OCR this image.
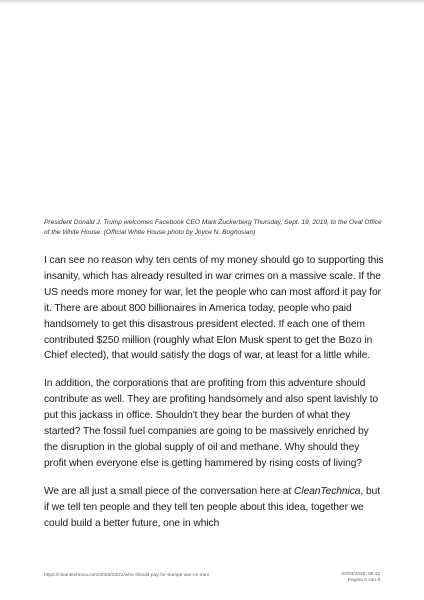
President Donald J. Trump welcomes Facebook CEO Mark Zuckerberg Thursday, Sept. 19, 2019, to the Oval Office of the White House. (Official White House photo by Joyce N. Boghosian)

I can see no reason why ten cents of my money should go to supporting this insanity, which has already resulted in war crimes on a massive scale. If the US needs more money for war, let the people who can most afford it pay for it. There are about 800 billionaires in America today, people who paid handsomely to get this disastrous president elected. If each one of them contributed $250 million (roughly what Elon Musk spent to get the Bozo in Chief elected), that would satisfy the dogs of war, at least for a little while.

In addition, the corporations that are profiting from this adventure should contribute as well. They are profiting handsomely and also spent lavishly to put this jackass in office. Shouldn't they bear the burden of what they started? The fossil fuel companies are going to be massively enriched by the disruption in the global supply of oil and methane. Why should they profit when everyone else is getting hammered by rising costs of living?

We are all just a small piece of the conversation here at CleanTechnica, but if we tell ten people and they tell ten people about this idea, together we could build a better future, one in which

https://cleantechnica.com/2026/03/21/who-should-pay-for-trumps-war-on-iran/	22/03/2026, 08:42
Pagina 5 van 9
